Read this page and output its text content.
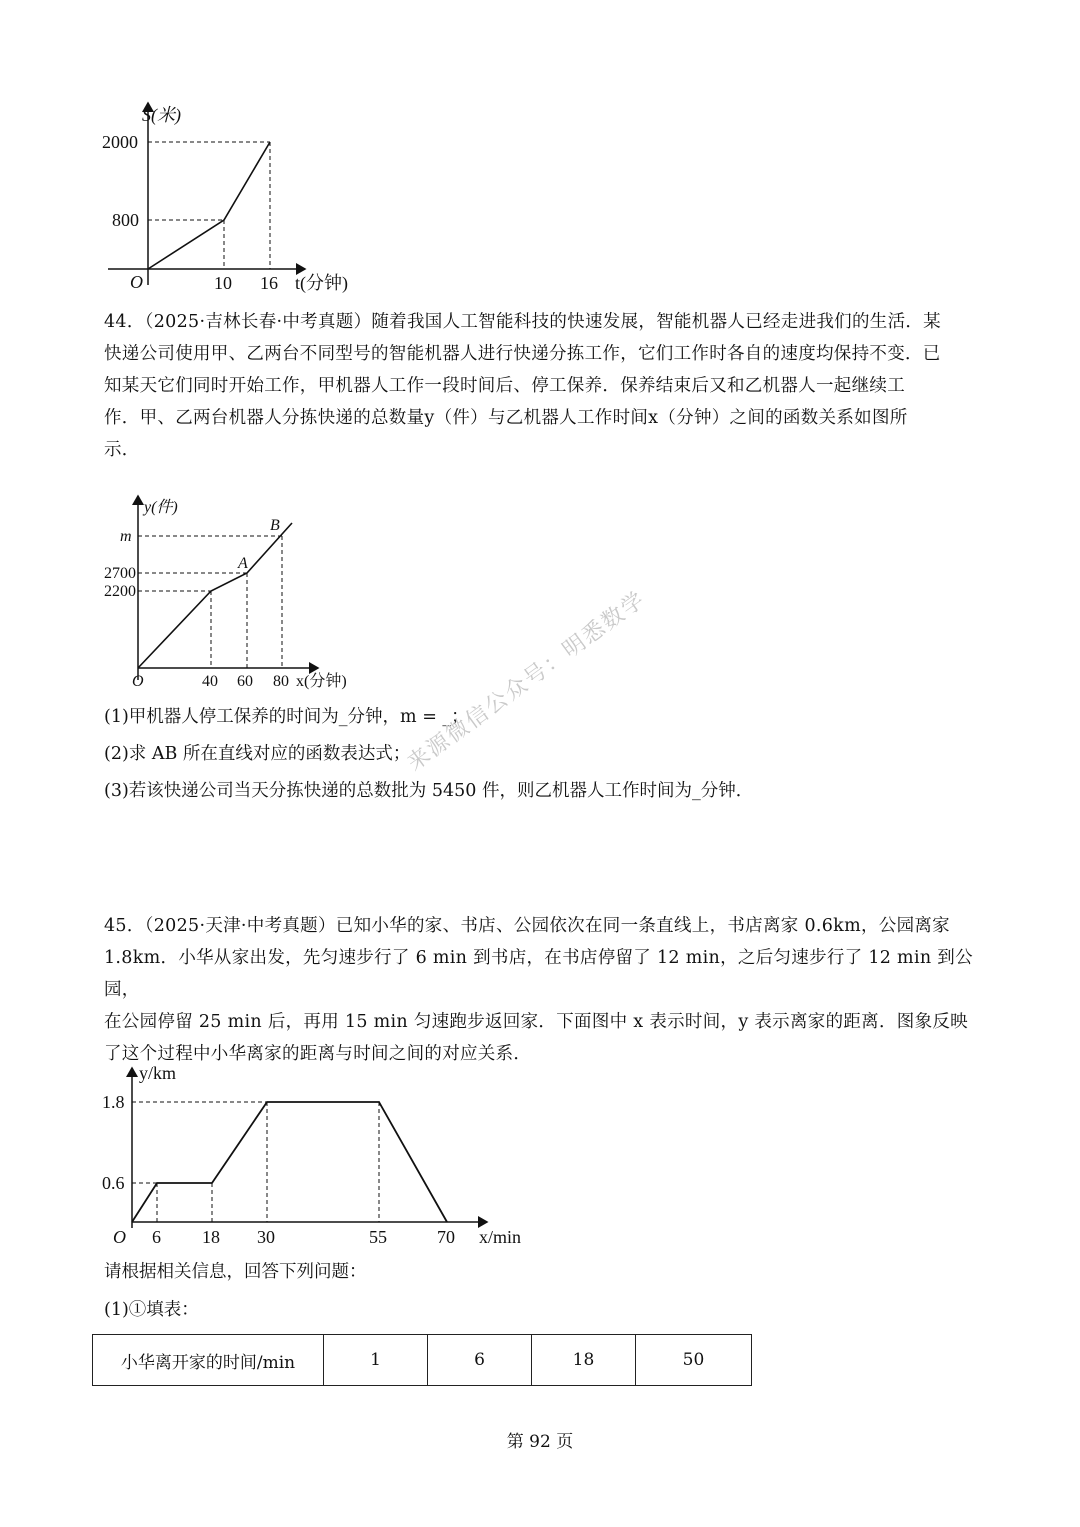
S(米)
t(分钟)
O
2000
800
10 16

44．（2025·吉林长春·中考真题）随着我国人工智能科技的快速发展，智能机器人已经走进我们的生活．某

快递公司使用甲、乙两台不同型号的智能机器人进行快递分拣工作，它们工作时各自的速度均保持不变．已

知某天它们同时开始工作，甲机器人工作一段时间后、停工保养．保养结束后又和乙机器人一起继续工

作．甲、乙两台机器人分拣快递的总数量y（件）与乙机器人工作时间x（分钟）之间的函数关系如图所

示．

y(件)
x(分钟)
O
m
2700
2200
40 60 80
A
B
(1)甲机器人停工保养的时间为_分钟，m = _；
(2)求 AB 所在直线对应的函数表达式；
(3)若该快递公司当天分拣快递的总数批为 5450 件，则乙机器人工作时间为_分钟．
来源微信公众号：明悉数学

45．（2025·天津·中考真题）已知小华的家、书店、公园依次在同一条直线上，书店离家 0.6km，公园离家

1.8km．小华从家出发，先匀速步行了 6 min 到书店，在书店停留了 12 min，之后匀速步行了 12 min 到公园，

在公园停留 25 min 后，再用 15 min 匀速跑步返回家．下面图中 x 表示时间，y 表示离家的距离．图象反映

了这个过程中小华离家的距离与时间之间的对应关系．

y/km
x/min
O
1.8
0.6
6 18 30	55	70
请根据相关信息，回答下列问题：
(1)①填表：
小华离开家的时间/min	1	6	18	50
第 92 页
